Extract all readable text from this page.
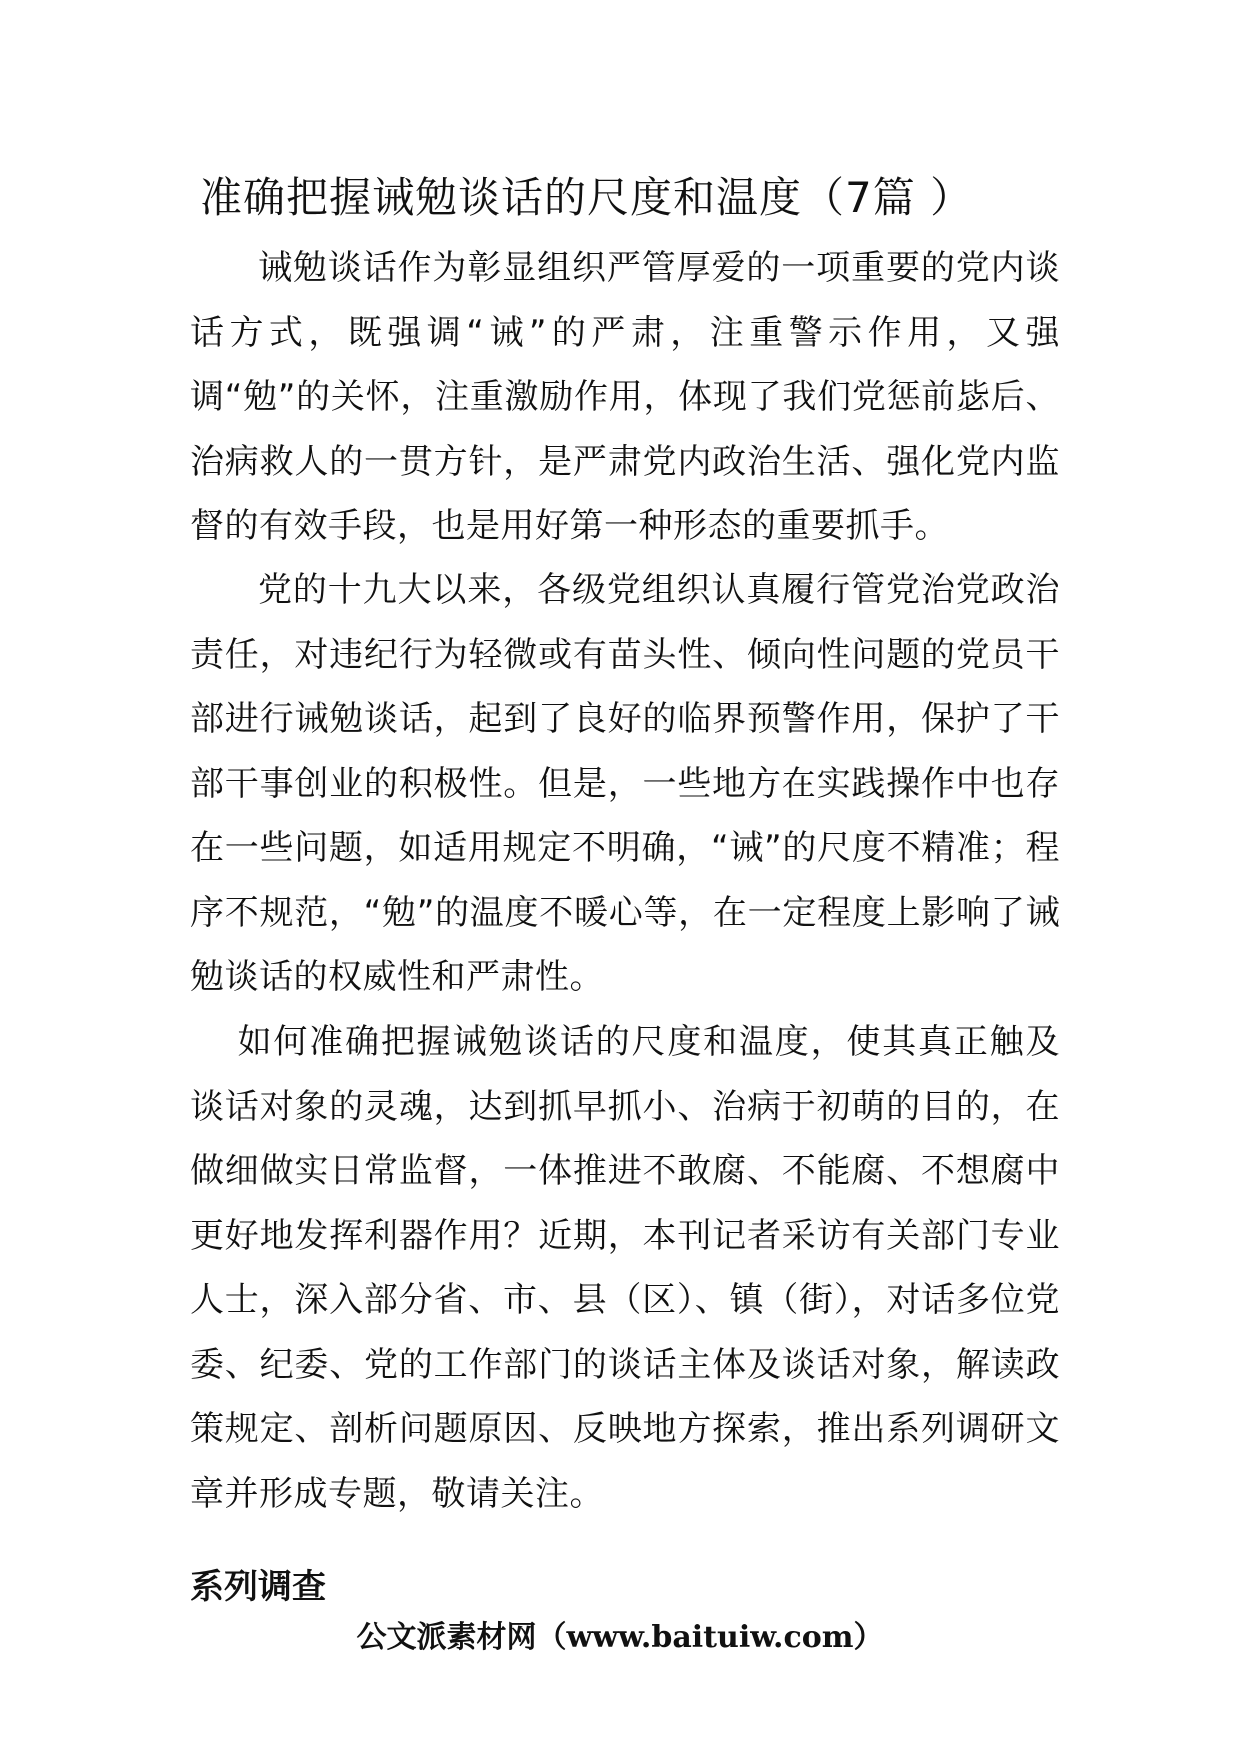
准确把握诫勉谈话的尺度和温度（7篇 ）

诫勉谈话作为彰显组织严管厚爱的一项重要的党内谈话方式，既强调“诫”的严肃，注重警示作用，又强调“勉”的关怀，注重激励作用，体现了我们党惩前毖后、治病救人的一贯方针，是严肃党内政治生活、强化党内监督的有效手段，也是用好第一种形态的重要抓手。

党的十九大以来，各级党组织认真履行管党治党政治责任，对违纪行为轻微或有苗头性、倾向性问题的党员干部进行诫勉谈话，起到了良好的临界预警作用，保护了干部干事创业的积极性。但是，一些地方在实践操作中也存在一些问题，如适用规定不明确，“诫”的尺度不精准；程序不规范，“勉”的温度不暖心等，在一定程度上影响了诫勉谈话的权威性和严肃性。

如何准确把握诫勉谈话的尺度和温度，使其真正触及谈话对象的灵魂，达到抓早抓小、治病于初萌的目的，在做细做实日常监督，一体推进不敢腐、不能腐、不想腐中更好地发挥利器作用？近期，本刊记者采访有关部门专业人士，深入部分省、市、县（区）、镇（街），对话多位党委、纪委、党的工作部门的谈话主体及谈话对象，解读政策规定、剖析问题原因、反映地方探索，推出系列调研文章并形成专题，敬请关注。

系列调查
公文派素材网（www.baituiw.com）
